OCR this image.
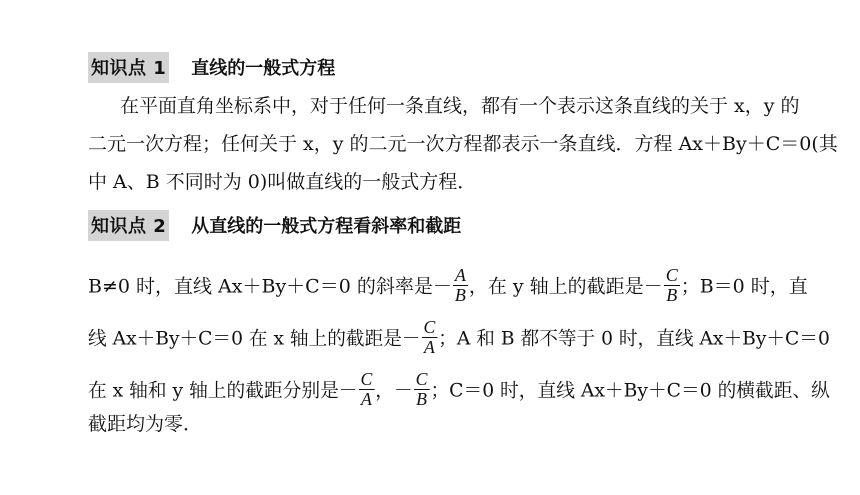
知识点 1 直线的一般式方程
在平面直角坐标系中，对于任何一条直线，都有一个表示这条直线的关于 x，y 的
二元一次方程；任何关于 x，y 的二元一次方程都表示一条直线．方程 Ax＋By＋C＝0(其
中 A、B 不同时为 0)叫做直线的一般式方程．
知识点 2 从直线的一般式方程看斜率和截距
B≠0 时，直线 Ax＋By＋C＝0 的斜率是－ $\frac{A}{B}$ ，在 y 轴上的截距是－ $\frac{C}{B}$ ；B＝0 时，直
线 Ax＋By＋C＝0 在 x 轴上的截距是－ $\frac{C}{A}$ ；A 和 B 都不等于 0 时，直线 Ax＋By＋C＝0
在 x 轴和 y 轴上的截距分别是－ $\frac{C}{A}$ ，－ $\frac{C}{B}$ ；C＝0 时，直线 Ax＋By＋C＝0 的横截距、纵
截距均为零．
